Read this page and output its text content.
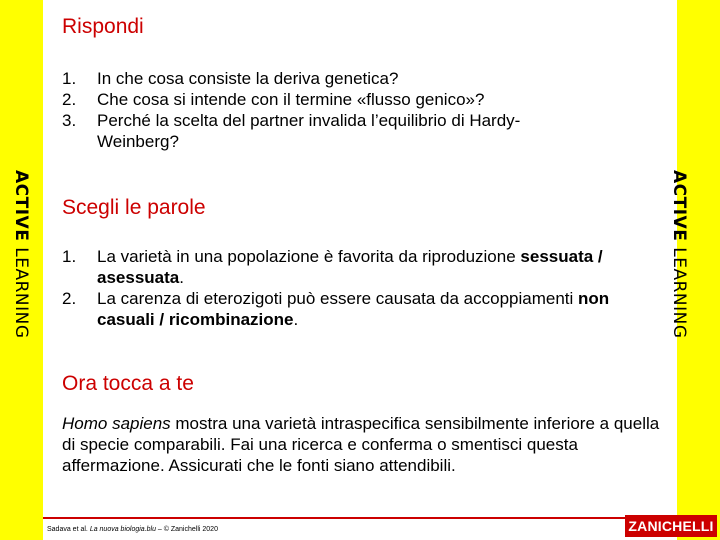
ACTIVE LEARNING
ACTIVE LEARNING
Rispondi
1.	In che cosa consiste la deriva genetica?
2.	Che cosa si intende con il termine «flusso genico»?
3.	Perché la scelta del partner invalida l’equilibrio di Hardy-Weinberg?
Scegli le parole
1.	La varietà in una popolazione è favorita da riproduzione sessuata / asessuata.
2.	La carenza di eterozigoti può essere causata da accoppiamenti non casuali / ricombinazione.
Ora tocca a te

Homo sapiens mostra una varietà intraspecifica sensibilmente inferiore a quella di specie comparabili. Fai una ricerca e conferma o smentisci questa affermazione. Assicurati che le fonti siano attendibili.

Sadava et al. La nuova biologia.blu – © Zanichelli 2020	ZANICHELLI
